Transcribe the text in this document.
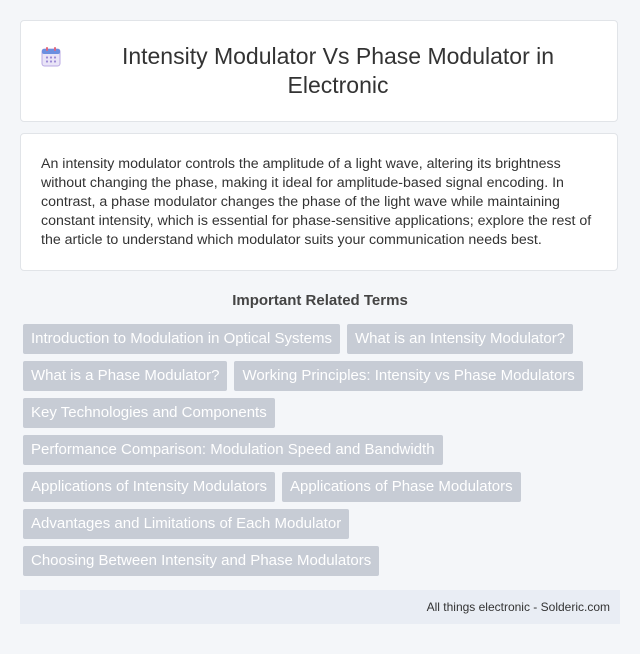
Intensity Modulator Vs Phase Modulator in Electronic

An intensity modulator controls the amplitude of a light wave, altering its brightness without changing the phase, making it ideal for amplitude-based signal encoding. In contrast, a phase modulator changes the phase of the light wave while maintaining constant intensity, which is essential for phase-sensitive applications; explore the rest of the article to understand which modulator suits your communication needs best.

Important Related Terms
Introduction to Modulation in Optical Systems	What is an Intensity Modulator?
What is a Phase Modulator?	Working Principles: Intensity vs Phase Modulators
Key Technologies and Components
Performance Comparison: Modulation Speed and Bandwidth
Applications of Intensity Modulators	Applications of Phase Modulators
Advantages and Limitations of Each Modulator
Choosing Between Intensity and Phase Modulators
All things electronic - Solderic.com
